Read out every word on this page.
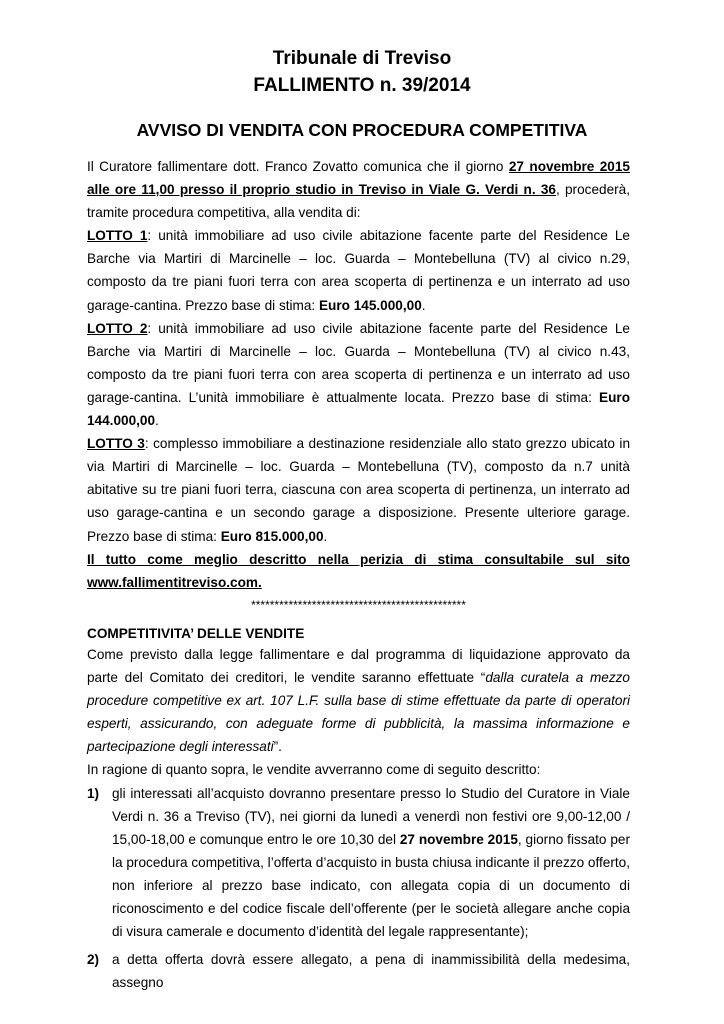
Tribunale di Treviso
FALLIMENTO n. 39/2014
AVVISO DI VENDITA CON PROCEDURA COMPETITIVA

Il Curatore fallimentare dott. Franco Zovatto comunica che il giorno 27 novembre 2015 alle ore 11,00 presso il proprio studio in Treviso in Viale G. Verdi n. 36, procederà, tramite procedura competitiva, alla vendita di:

LOTTO 1: unità immobiliare ad uso civile abitazione facente parte del Residence Le Barche via Martiri di Marcinelle – loc. Guarda – Montebelluna (TV) al civico n.29, composto da tre piani fuori terra con area scoperta di pertinenza e un interrato ad uso garage-cantina. Prezzo base di stima: Euro 145.000,00.

LOTTO 2: unità immobiliare ad uso civile abitazione facente parte del Residence Le Barche via Martiri di Marcinelle – loc. Guarda – Montebelluna (TV) al civico n.43, composto da tre piani fuori terra con area scoperta di pertinenza e un interrato ad uso garage-cantina. L’unità immobiliare è attualmente locata. Prezzo base di stima: Euro 144.000,00.

LOTTO 3: complesso immobiliare a destinazione residenziale allo stato grezzo ubicato in via Martiri di Marcinelle – loc. Guarda – Montebelluna (TV), composto da n.7 unità abitative su tre piani fuori terra, ciascuna con area scoperta di pertinenza, un interrato ad uso garage-cantina e un secondo garage a disposizione. Presente ulteriore garage. Prezzo base di stima: Euro 815.000,00.

Il tutto come meglio descritto nella perizia di stima consultabile sul sito www.fallimentitreviso.com.

**********************************************

COMPETITIVITA’ DELLE VENDITE

Come previsto dalla legge fallimentare e dal programma di liquidazione approvato da parte del Comitato dei creditori, le vendite saranno effettuate “dalla curatela a mezzo procedure competitive ex art. 107 L.F. sulla base di stime effettuate da parte di operatori esperti, assicurando, con adeguate forme di pubblicità, la massima informazione e partecipazione degli interessati”.

In ragione di quanto sopra, le vendite avverranno come di seguito descritto:

1) gli interessati all’acquisto dovranno presentare presso lo Studio del Curatore in Viale Verdi n. 36 a Treviso (TV), nei giorni da lunedì a venerdì non festivi ore 9,00-12,00 / 15,00-18,00 e comunque entro le ore 10,30 del 27 novembre 2015, giorno fissato per la procedura competitiva, l’offerta d’acquisto in busta chiusa indicante il prezzo offerto, non inferiore al prezzo base indicato, con allegata copia di un documento di riconoscimento e del codice fiscale dell’offerente (per le società allegare anche copia di visura camerale e documento d’identità del legale rappresentante);
2) a detta offerta dovrà essere allegato, a pena di inammissibilità della medesima, assegno
